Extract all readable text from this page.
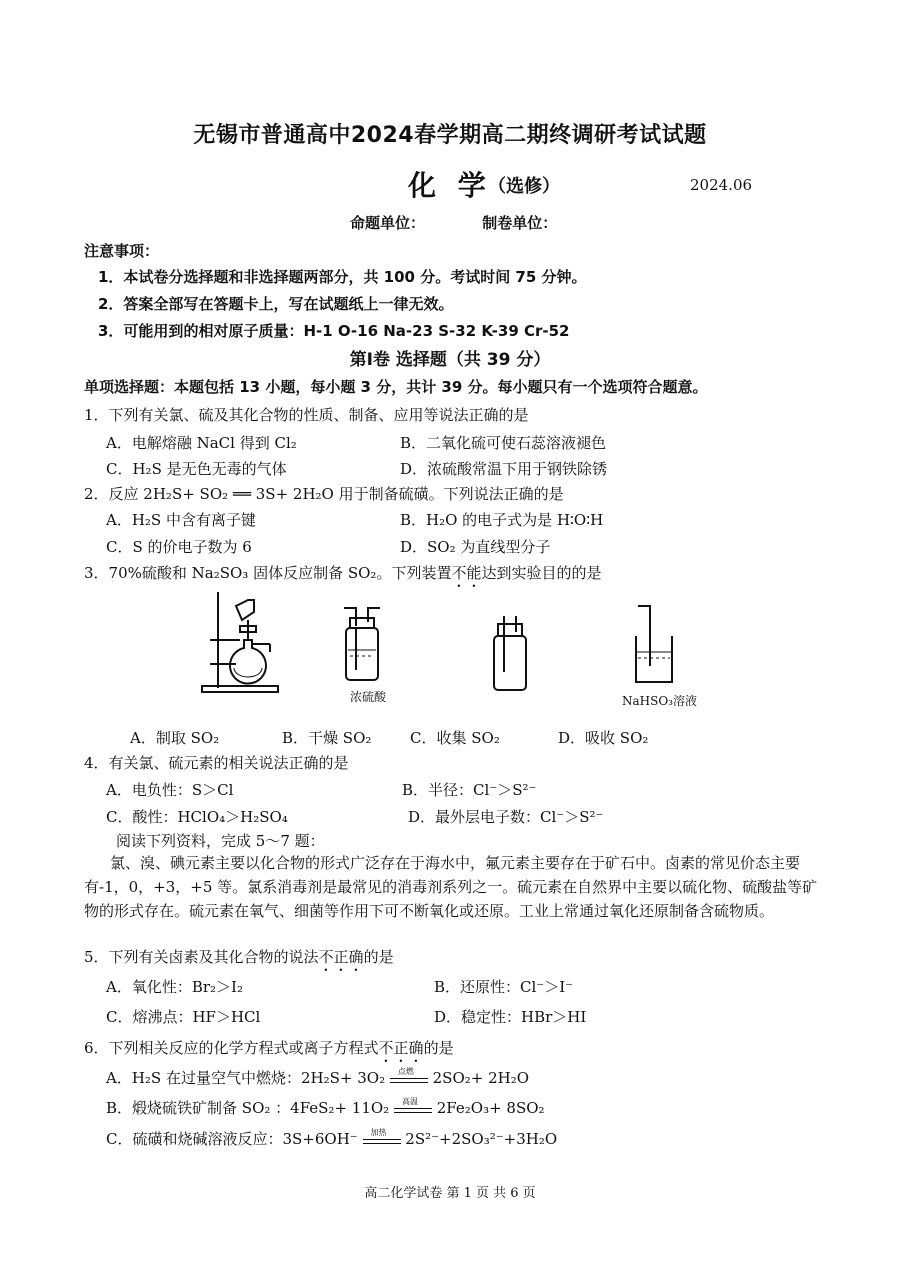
无锡市普通高中2024春学期高二期终调研考试试题
化 学
（选修）	2024.06
命题单位：	制卷单位：
注意事项：
1．本试卷分选择题和非选择题两部分，共 100 分。考试时间 75 分钟。
2．答案全部写在答题卡上，写在试题纸上一律无效。
3．可能用到的相对原子质量：H-1 O-16 Na-23 S-32 K-39 Cr-52
第Ⅰ卷 选择题（共 39 分）
单项选择题：本题包括 13 小题，每小题 3 分，共计 39 分。每小题只有一个选项符合题意。
1．下列有关氯、硫及其化合物的性质、制备、应用等说法正确的是
A．电解熔融 NaCl 得到 Cl₂	B．二氧化硫可使石蕊溶液褪色
C．H₂S 是无色无毒的气体	D．浓硫酸常温下用于钢铁除锈
2．反应 2H₂S+ SO₂ ══ 3S+ 2H₂O 用于制备硫磺。下列说法正确的是
A．H₂S 中含有离子键	B．H₂O 的电子式为是 H∶O∶H
C．S 的价电子数为 6	D．SO₂ 为直线型分子
3．70%硫酸和 Na₂SO₃ 固体反应制备 SO₂。下列装置不能达到实验目的的是
浓硫酸	NaHSO₃溶液
A．制取 SO₂	B．干燥 SO₂	C．收集 SO₂	D．吸收 SO₂
4．有关氯、硫元素的相关说法正确的是
A．电负性：S＞Cl	B．半径：Cl⁻＞S²⁻
C．酸性：HClO₄＞H₂SO₄	D．最外层电子数：Cl⁻＞S²⁻
阅读下列资料，完成 5～7 题：
氯、溴、碘元素主要以化合物的形式广泛存在于海水中，氟元素主要存在于矿石中。卤素的常见价态主要有-1，0，+3，+5 等。氯系消毒剂是最常见的消毒剂系列之一。硫元素在自然界中主要以硫化物、硫酸盐等矿物的形式存在。硫元素在氧气、细菌等作用下可不断氧化或还原。工业上常通过氧化还原制备含硫物质。
5．下列有关卤素及其化合物的说法不正确的是
A．氧化性：Br₂＞I₂	B．还原性：Cl⁻＞I⁻
C．熔沸点：HF＞HCl	D．稳定性：HBr＞HI
6．下列相关反应的化学方程式或离子方程式不正确的是
A．H₂S 在过量空气中燃烧：2H₂S+ 3O₂ 点燃 2SO₂+ 2H₂O
B．煅烧硫铁矿制备 SO₂ ：4FeS₂+ 11O₂ 高温 2Fe₂O₃+ 8SO₂
C．硫磺和烧碱溶液反应：3S+6OH⁻ 加热 2S²⁻+2SO₃²⁻+3H₂O
高二化学试卷 第 1 页 共 6 页
